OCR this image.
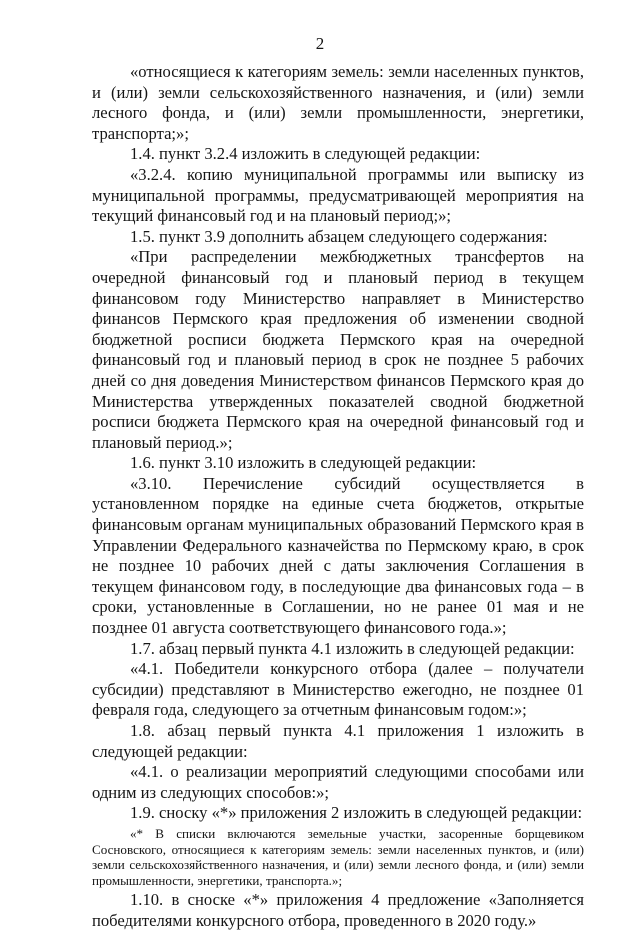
2

«относящиеся к категориям земель: земли населенных пунктов, и (или) земли сельскохозяйственного назначения, и (или) земли лесного фонда, и (или) земли промышленности, энергетики, транспорта;»;

1.4. пункт 3.2.4 изложить в следующей редакции:

«3.2.4. копию муниципальной программы или выписку из муниципальной программы, предусматривающей мероприятия на текущий финансовый год и на плановый период;»;

1.5. пункт 3.9 дополнить абзацем следующего содержания:

«При распределении межбюджетных трансфертов на очередной финансовый год и плановый период в текущем финансовом году Министерство направляет в Министерство финансов Пермского края предложения об изменении сводной бюджетной росписи бюджета Пермского края на очередной финансовый год и плановый период в срок не позднее 5 рабочих дней со дня доведения Министерством финансов Пермского края до Министерства утвержденных показателей сводной бюджетной росписи бюджета Пермского края на очередной финансовый год и плановый период.»;

1.6. пункт 3.10 изложить в следующей редакции:

«3.10. Перечисление субсидий осуществляется в установленном порядке на единые счета бюджетов, открытые финансовым органам муниципальных образований Пермского края в Управлении Федерального казначейства по Пермскому краю, в срок не позднее 10 рабочих дней с даты заключения Соглашения в текущем финансовом году, в последующие два финансовых года – в сроки, установленные в Соглашении, но не ранее 01 мая и не позднее 01 августа соответствующего финансового года.»;

1.7. абзац первый пункта 4.1 изложить в следующей редакции:

«4.1. Победители конкурсного отбора (далее – получатели субсидии) представляют в Министерство ежегодно, не позднее 01 февраля года, следующего за отчетным финансовым годом:»;

1.8. абзац первый пункта 4.1 приложения 1 изложить в следующей редакции:

«4.1. о реализации мероприятий следующими способами или одним из следующих способов:»;

1.9. сноску «*» приложения 2 изложить в следующей редакции:

«* В списки включаются земельные участки, засоренные борщевиком Сосновского, относящиеся к категориям земель: земли населенных пунктов, и (или) земли сельскохозяйственного назначения, и (или) земли лесного фонда, и (или) земли промышленности, энергетики, транспорта.»;

1.10. в сноске «*» приложения 4 предложение «Заполняется победителями конкурсного отбора, проведенного в 2020 году.»
